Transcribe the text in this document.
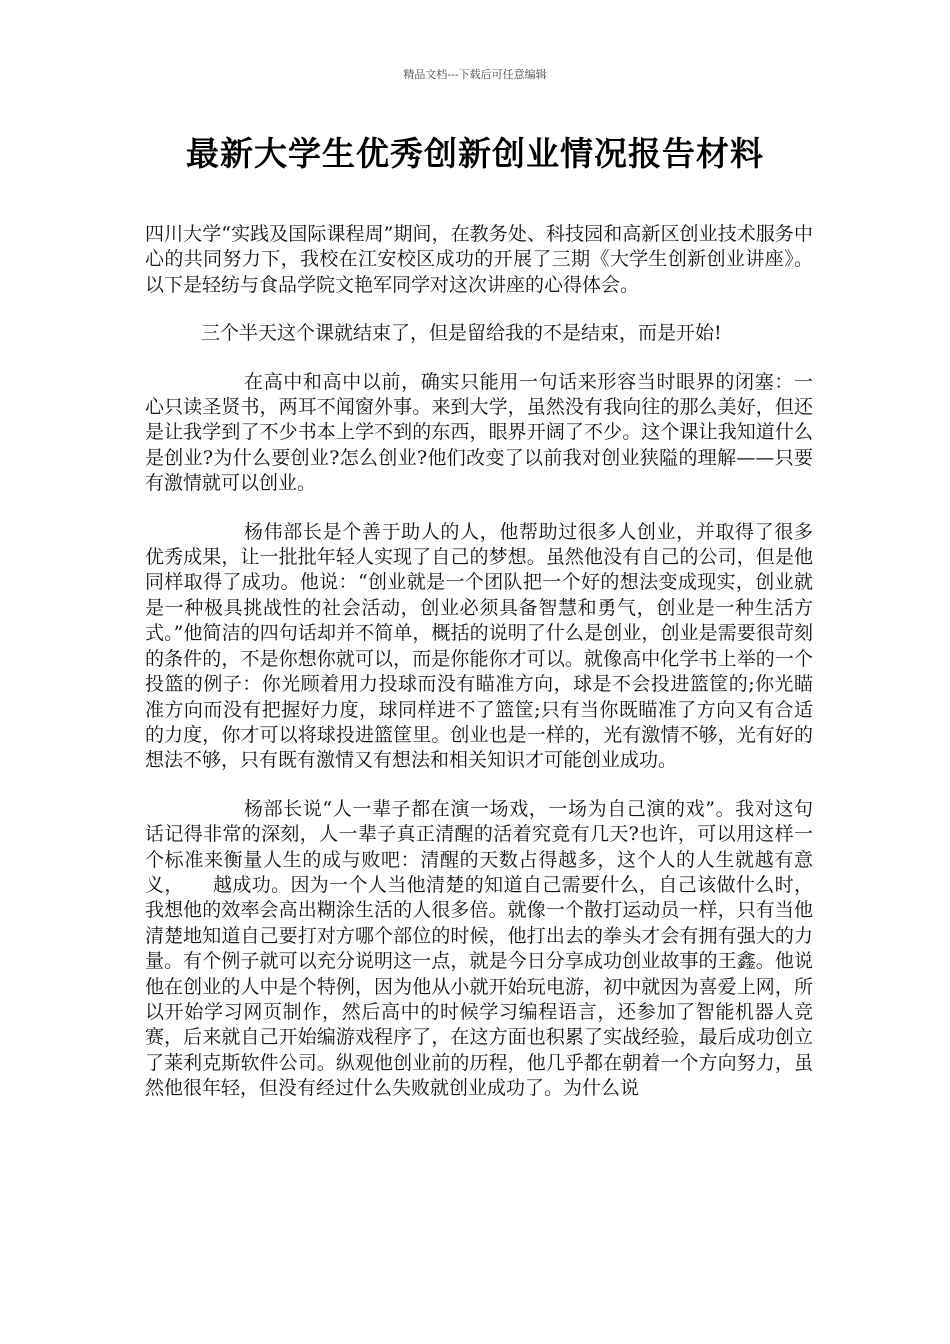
精品文档---下载后可任意编辑
最新大学生优秀创新创业情况报告材料

四川大学“实践及国际课程周”期间，在教务处、科技园和高新区创业技术服务中心的共同努力下，我校在江安校区成功的开展了三期《大学生创新创业讲座》。以下是轻纺与食品学院文艳军同学对这次讲座的心得体会。

三个半天这个课就结束了，但是留给我的不是结束，而是开始!

在高中和高中以前，确实只能用一句话来形容当时眼界的闭塞：一心只读圣贤书，两耳不闻窗外事。来到大学，虽然没有我向往的那么美好，但还是让我学到了不少书本上学不到的东西，眼界开阔了不少。这个课让我知道什么是创业?为什么要创业?怎么创业?他们改变了以前我对创业狭隘的理解——只要有激情就可以创业。

杨伟部长是个善于助人的人，他帮助过很多人创业，并取得了很多优秀成果，让一批批年轻人实现了自己的梦想。虽然他没有自己的公司，但是他同样取得了成功。他说：“创业就是一个团队把一个好的想法变成现实，创业就是一种极具挑战性的社会活动，创业必须具备智慧和勇气，创业是一种生活方式。”他简洁的四句话却并不简单，概括的说明了什么是创业，创业是需要很苛刻的条件的，不是你想你就可以，而是你能你才可以。就像高中化学书上举的一个投篮的例子：你光顾着用力投球而没有瞄准方向，球是不会投进篮筐的;你光瞄准方向而没有把握好力度，球同样进不了篮筐;只有当你既瞄准了方向又有合适的力度，你才可以将球投进篮筐里。创业也是一样的，光有激情不够，光有好的想法不够，只有既有激情又有想法和相关知识才可能创业成功。

杨部长说“人一辈子都在演一场戏，一场为自己演的戏”。我对这句话记得非常的深刻，人一辈子真正清醒的活着究竟有几天?也许，可以用这样一个标准来衡量人生的成与败吧：清醒的天数占得越多，这个人的人生就越有意义，　　越成功。因为一个人当他清楚的知道自己需要什么，自己该做什么时，我想他的效率会高出糊涂生活的人很多倍。就像一个散打运动员一样，只有当他清楚地知道自己要打对方哪个部位的时候，他打出去的拳头才会有拥有强大的力量。有个例子就可以充分说明这一点，就是今日分享成功创业故事的王鑫。他说他在创业的人中是个特例，因为他从小就开始玩电游，初中就因为喜爱上网，所以开始学习网页制作，然后高中的时候学习编程语言，还参加了智能机器人竞赛，后来就自己开始编游戏程序了，在这方面也积累了实战经验，最后成功创立了莱利克斯软件公司。纵观他创业前的历程，他几乎都在朝着一个方向努力，虽然他很年轻，但没有经过什么失败就创业成功了。为什么说
